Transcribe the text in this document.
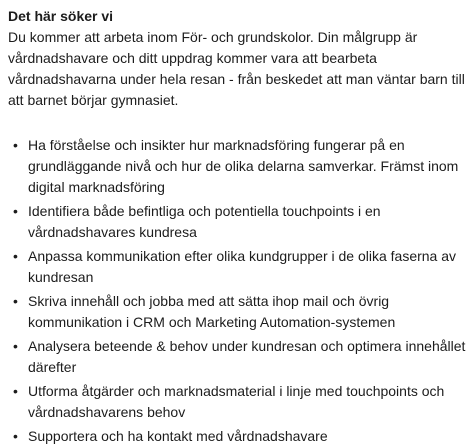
Det här söker vi

Du kommer att arbeta inom För- och grundskolor. Din målgrupp är vårdnadshavare och ditt uppdrag kommer vara att bearbeta vårdnadshavarna under hela resan - från beskedet att man väntar barn till att barnet börjar gymnasiet.

• Ha förståelse och insikter hur marknadsföring fungerar på en grundläggande nivå och hur de olika delarna samverkar. Främst inom digital marknadsföring
• Identifiera både befintliga och potentiella touchpoints i en vårdnadshavares kundresa
• Anpassa kommunikation efter olika kundgrupper i de olika faserna av kundresan
• Skriva innehåll och jobba med att sätta ihop mail och övrig kommunikation i CRM och Marketing Automation-systemen
• Analysera beteende & behov under kundresan och optimera innehållet därefter
• Utforma åtgärder och marknadsmaterial i linje med touchpoints och vårdnadshavarens behov
• Supportera och ha kontakt med vårdnadshavare
